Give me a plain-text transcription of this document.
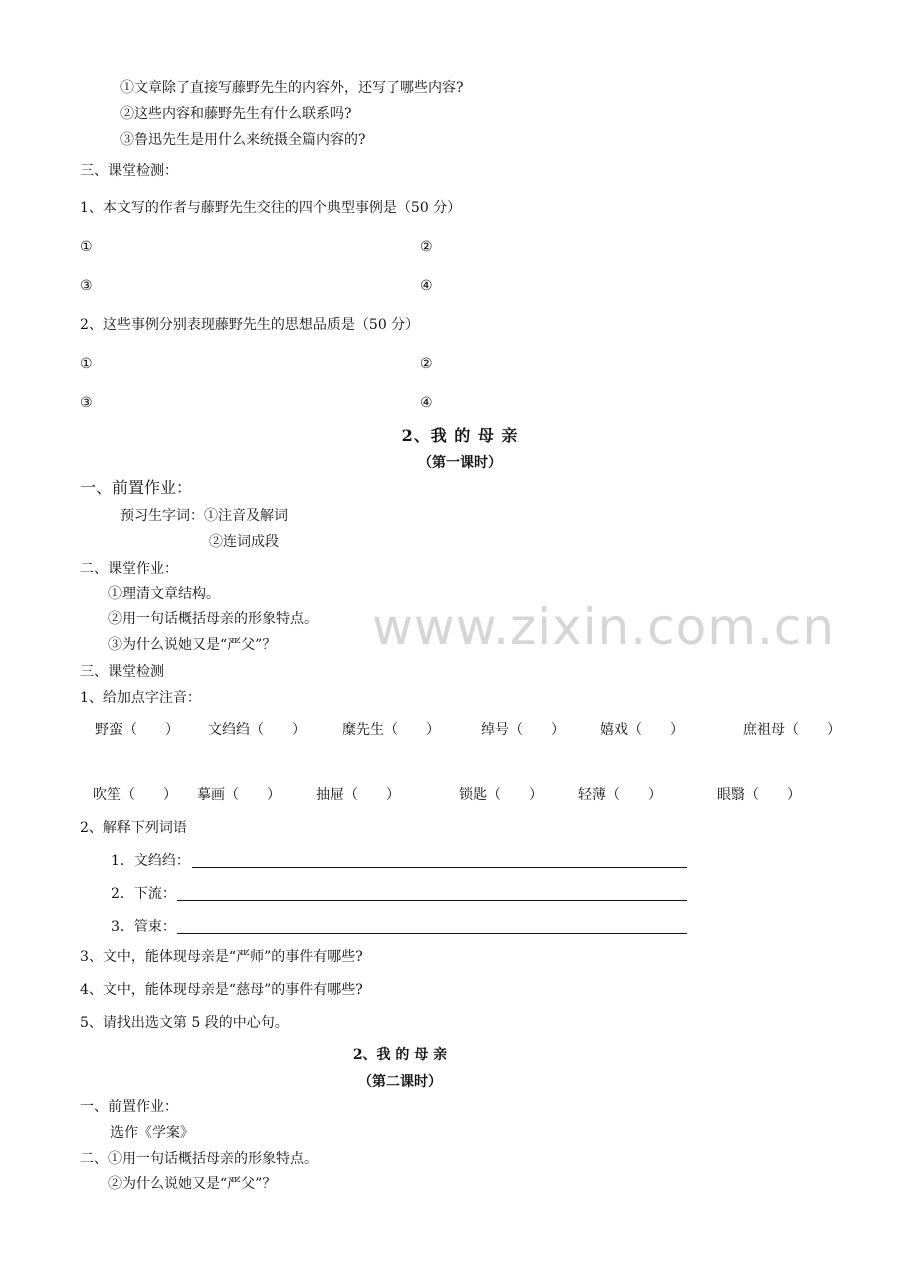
①文章除了直接写藤野先生的内容外，还写了哪些内容?
②这些内容和藤野先生有什么联系吗?
③鲁迅先生是用什么来统摄全篇内容的?
三、课堂检测：
1、本文写的作者与藤野先生交往的四个典型事例是（50 分）
①	②
③	④
2、这些事例分别表现藤野先生的思想品质是（50 分）
①	②
③	④
2、我 的 母 亲
（第一课时）
一、前置作业：
预习生字词：①注音及解词
②连词成段
二、课堂作业：
①理清文章结构。
②用一句话概括母亲的形象特点。
③为什么说她又是“严父”？
三、课堂检测
1、给加点字注音：
野蛮（　　） 文绉绉（　　）	糜先生（　　）	绰号（　　）	嬉戏（　　）	庶祖母（　　）
吹笙（　　） 摹画（　　）	抽屉（　　）	锁匙（　　）	轻薄（　　）	眼翳（　　）
2、解释下列词语
1．文绉绉：
2．下流：
3．管束：
3、文中，能体现母亲是“严师”的事件有哪些?
4、文中，能体现母亲是“慈母”的事件有哪些?
5、请找出选文第 5 段的中心句。
2、我 的 母 亲
（第二课时）
一、前置作业：
选作《学案》
二、①用一句话概括母亲的形象特点。
②为什么说她又是“严父”？
www.zixin.com.cn
